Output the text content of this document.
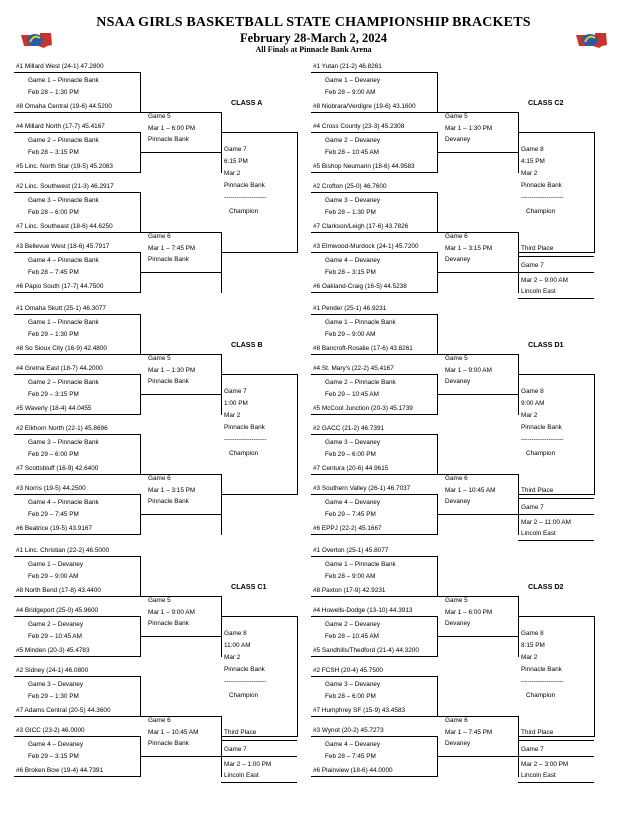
NSAA GIRLS BASKETBALL STATE CHAMPIONSHIP BRACKETS
February 28-March 2, 2024
All Finals at Pinnacle Bank Arena
#1 Millard West (24-1) 47.2800
#8 Omaha Central (19-6) 44.5200
#4 Millard North (17-7) 45.4167
#5 Linc. North Star (19-5) 45.2083
#2 Linc. Southwest (21-3) 46.2917
#7 Linc. Southeast (18-6) 44.6250
#3 Bellevue West (18-6) 45.7917
#6 Papio South (17-7) 44.7500
Game 1 – Pinnacle Bank
Feb 28 – 1:30 PM
Game 2 – Pinnacle Bank
Feb 28 – 3:15 PM
Game 3 – Pinnacle Bank
Feb 28 – 6:00 PM
Game 4 – Pinnacle Bank
Feb 28 – 7:45 PM
Game 5
Mar 1 – 6:00 PM
Pinnacle Bank
Game 6
Mar 1 – 7:45 PM
Pinnacle Bank
CLASS A
Game 7
6:15 PM
Mar 2
Pinnacle Bank
--------------------
Champion
#1 Yutan (21-2) 46.8261
#8 Niobrara/Verdigre (19-6) 43.1600
#4 Cross County (23-3) 45.2308
#5 Bishop Neumann (18-6) 44.9583
#2 Crofton (25-0) 46.7600
#7 Clarkson/Leigh (17-6) 43.7826
#3 Elmwood-Murdock (24-1) 45.7200
#6 Oakland-Craig (16-5) 44.5238
Game 1 – Devaney
Feb 28 – 9:00 AM
Game 2 – Devaney
Feb 28 – 10:45 AM
Game 3 – Devaney
Feb 28 – 1:30 PM
Game 4 – Devaney
Feb 28 – 3:15 PM
Game 5
Mar 1 – 1:30 PM
Devaney
Game 6
Mar 1 – 3:15 PM
Devaney
CLASS C2
Game 8
4:15 PM
Mar 2
Pinnacle Bank
--------------------
Champion
Third Place
Game 7
Mar 2 – 9:00 AM
Lincoln East
#1 Omaha Skutt (25-1) 46.3077
#8 So Sioux City (16-9) 42.4800
#4 Gretna East (18-7) 44.2000
#5 Waverly (18-4) 44.0455
#2 Elkhorn North (22-1) 45.8696
#7 Scottsbluff (16-9) 42.6400
#3 Norris (19-5) 44.2500
#6 Beatrice (19-5) 43.9167
Game 1 – Pinnacle Bank
Feb 29 – 1:30 PM
Game 2 – Pinnacle Bank
Feb 29 – 3:15 PM
Game 3 – Pinnacle Bank
Feb 29 – 6:00 PM
Game 4 – Pinnacle Bank
Feb 29 – 7:45 PM
Game 5
Mar 1 – 1:30 PM
Pinnacle Bank
Game 6
Mar 1 – 3:15 PM
Pinnacle Bank
CLASS B
Game 7
1:00 PM
Mar 2
Pinnacle Bank
--------------------
Champion
#1 Pender (25-1) 46.9231
#8 Bancroft-Rosalie (17-6) 43.8261
#4 St. Mary's (22-2) 45.4167
#5 McCool Junction (20-3) 45.1739
#2 GACC (21-2) 46.7391
#7 Centura (20-6) 44.9615
#3 Southern Valley (26-1) 46.7037
#6 EPPJ (22-2) 45.1667
Game 1 – Pinnacle Bank
Feb 29 – 9:00 AM
Game 2 – Pinnacle Bank
Feb 29 – 10:45 AM
Game 3 – Devaney
Feb 29 – 6:00 PM
Game 4 – Devaney
Feb 29 – 7:45 PM
Game 5
Mar 1 – 9:00 AM
Devaney
Game 6
Mar 1 – 10:45 AM
Devaney
CLASS D1
Game 8
9:00 AM
Mar 2
Pinnacle Bank
--------------------
Champion
Third Place
Game 7
Mar 2 – 11:00 AM
Lincoln East
#1 Linc. Christian (22-2) 46.5000
#8 North Bend (17-8) 43.4400
#4 Bridgeport (25-0) 45.9600
#5 Minden (20-3) 45.4783
#2 Sidney (24-1) 46.0800
#7 Adams Central (20-5) 44.3600
#3 GICC (23-2) 46.0000
#6 Broken Bow (19-4) 44.7391
Game 1 – Devaney
Feb 29 – 9:00 AM
Game 2 – Devaney
Feb 29 – 10:45 AM
Game 3 – Devaney
Feb 29 – 1:30 PM
Game 4 – Devaney
Feb 29 – 3:15 PM
Game 5
Mar 1 – 9:00 AM
Pinnacle Bank
Game 6
Mar 1 – 10:45 AM
Pinnacle Bank
CLASS C1
Game 8
11:00 AM
Mar 2
Pinnacle Bank
--------------------
Champion
Third Place
Game 7
Mar 2 – 1:00 PM
Lincoln East
#1 Overton (25-1) 45.8077
#8 Paxton (17-9) 42.9231
#4 Howells-Dodge (13-10) 44.3913
#5 Sandhills/Thedford (21-4) 44.3200
#2 FCSH (20-4) 45.7500
#7 Humphrey SF (15-9) 43.4583
#3 Wynot (20-2) 45.7273
#6 Plainview (18-6) 44.0000
Game 1 – Pinnacle Bank
Feb 28 – 9:00 AM
Game 2 – Devaney
Feb 28 – 10:45 AM
Game 3 – Devaney
Feb 28 – 6:00 PM
Game 4 – Devaney
Feb 28 – 7:45 PM
Game 5
Mar 1 – 6:00 PM
Devaney
Game 6
Mar 1 – 7:45 PM
Devaney
CLASS D2
Game 8
8:15 PM
Mar 2
Pinnacle Bank
--------------------
Champion
Third Place
Game 7
Mar 2 – 3:00 PM
Lincoln East
